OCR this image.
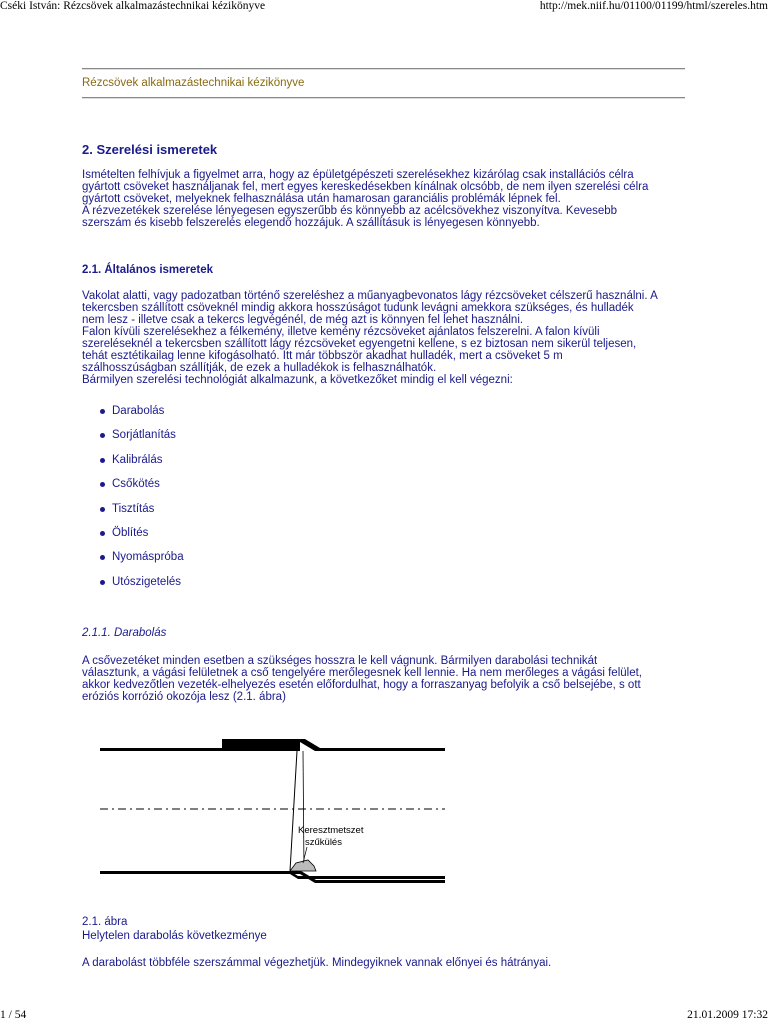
Cséki István: Rézcsövek alkalmazástechnikai kézikönyve	http://mek.niif.hu/01100/01199/html/szereles.htm
Rézcsövek alkalmazástechnikai kézikönyve
2. Szerelési ismeretek
Ismételten felhívjuk a figyelmet arra, hogy az épületgépészeti szerelésekhez kizárólag csak installációs célra
gyártott csöveket használjanak fel, mert egyes kereskedésekben kínálnak olcsóbb, de nem ilyen szerelési célra
gyártott csöveket, melyeknek felhasználása után hamarosan garanciális problémák lépnek fel.
A rézvezetékek szerelése lényegesen egyszerűbb és könnyebb az acélcsövekhez viszonyítva. Kevesebb
szerszám és kisebb felszerelés elegendő hozzájuk. A szállításuk is lényegesen könnyebb.
2.1. Általános ismeretek
Vakolat alatti, vagy padozatban történő szereléshez a műanyagbevonatos lágy rézcsöveket célszerű használni. A
tekercsben szállított csöveknél mindig akkora hosszúságot tudunk levágni amekkora szükséges, és hulladék
nem lesz - illetve csak a tekercs legvégénél, de még azt is könnyen fel lehet használni.
Falon kívüli szerelésekhez a félkemény, illetve kemény rézcsöveket ajánlatos felszerelni. A falon kívüli
szereléseknél a tekercsben szállított lágy rézcsöveket egyengetni kellene, s ez biztosan nem sikerül teljesen,
tehát esztétikailag lenne kifogásolható. Itt már többször akadhat hulladék, mert a csöveket 5 m
szálhosszúságban szállítják, de ezek a hulladékok is felhasználhatók.
Bármilyen szerelési technológiát alkalmazunk, a következőket mindig el kell végezni:
Darabolás
Sorjátlanítás
Kalibrálás
Csőkötés
Tisztítás
Öblítés
Nyomáspróba
Utószigetelés
2.1.1. Darabolás
A csővezetéket minden esetben a szükséges hosszra le kell vágnunk. Bármilyen darabolási technikát
választunk, a vágási felületnek a cső tengelyére merőlegesnek kell lennie. Ha nem merőleges a vágási felület,
akkor kedvezőtlen vezeték-elhelyezés esetén előfordulhat, hogy a forraszanyag befolyik a cső belsejébe, s ott
eróziós korrózió okozója lesz (2.1. ábra)
Keresztmetszet
szűkülés
2.1. ábra
Helytelen darabolás következménye
A darabolást többféle szerszámmal végezhetjük. Mindegyiknek vannak előnyei és hátrányai.
1 / 54	21.01.2009 17:32
